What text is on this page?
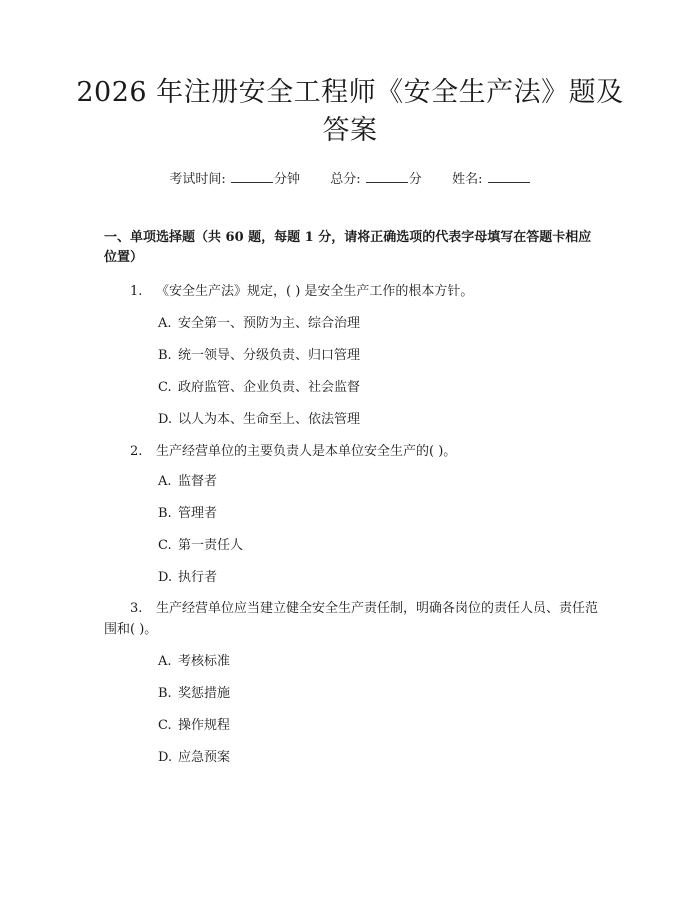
2026 年注册安全工程师《安全生产法》题及
答案
考试时间:	分钟 总分:	分 姓名:
一、单项选择题（共 60 题，每题 1 分，请将正确选项的代表字母填写在答题卡相应位置）
1.	《安全生产法》规定，( ) 是安全生产工作的根本方针。
A. 安全第一、预防为主、综合治理
B. 统一领导、分级负责、归口管理
C. 政府监管、企业负责、社会监督
D. 以人为本、生命至上、依法管理
2.	生产经营单位的主要负责人是本单位安全生产的( )。
A. 监督者
B. 管理者
C. 第一责任人
D. 执行者
3.	生产经营单位应当建立健全安全生产责任制，明确各岗位的责任人员、责任范围和( )。
A. 考核标准
B. 奖惩措施
C. 操作规程
D. 应急预案
